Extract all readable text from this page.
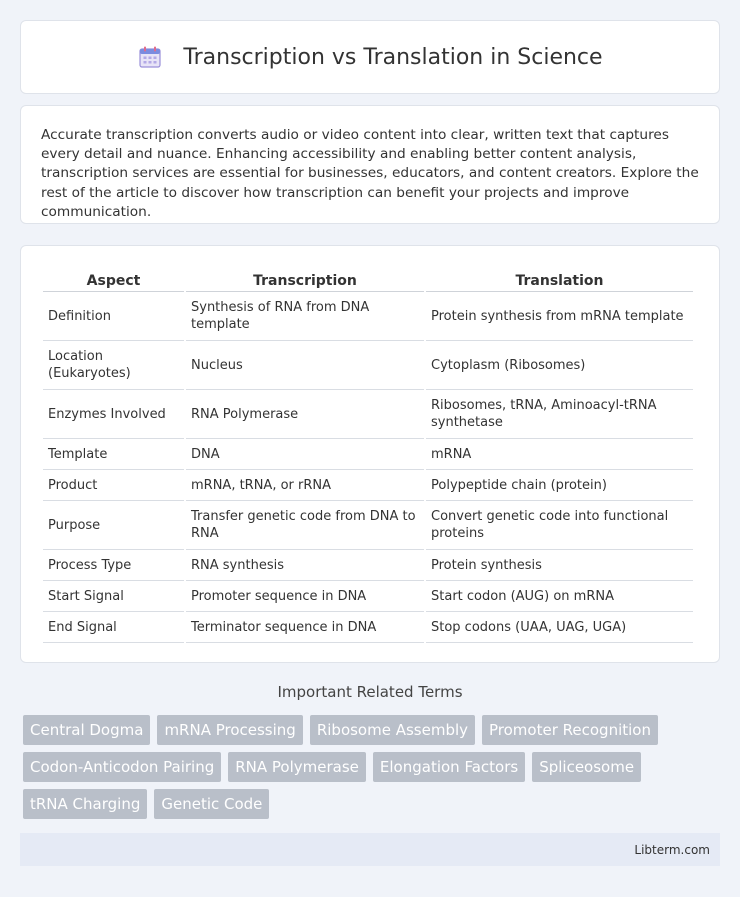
Transcription vs Translation in Science

Accurate transcription converts audio or video content into clear, written text that captures every detail and nuance. Enhancing accessibility and enabling better content analysis, transcription services are essential for businesses, educators, and content creators. Explore the rest of the article to discover how transcription can benefit your projects and improve communication.

Aspect	Transcription	Translation
Definition	Synthesis of RNA from DNA template	Protein synthesis from mRNA template
Location (Eukaryotes)	Nucleus	Cytoplasm (Ribosomes)
Enzymes Involved	RNA Polymerase	Ribosomes, tRNA, Aminoacyl-tRNA synthetase
Template	DNA	mRNA
Product	mRNA, tRNA, or rRNA	Polypeptide chain (protein)
Purpose	Transfer genetic code from DNA to RNA	Convert genetic code into functional proteins
Process Type	RNA synthesis	Protein synthesis
Start Signal	Promoter sequence in DNA	Start codon (AUG) on mRNA
End Signal	Terminator sequence in DNA	Stop codons (UAA, UAG, UGA)
Important Related Terms
Central Dogma	mRNA Processing	Ribosome Assembly	Promoter Recognition
Codon-Anticodon Pairing	RNA Polymerase	Elongation Factors	Spliceosome
tRNA Charging	Genetic Code
Libterm.com
